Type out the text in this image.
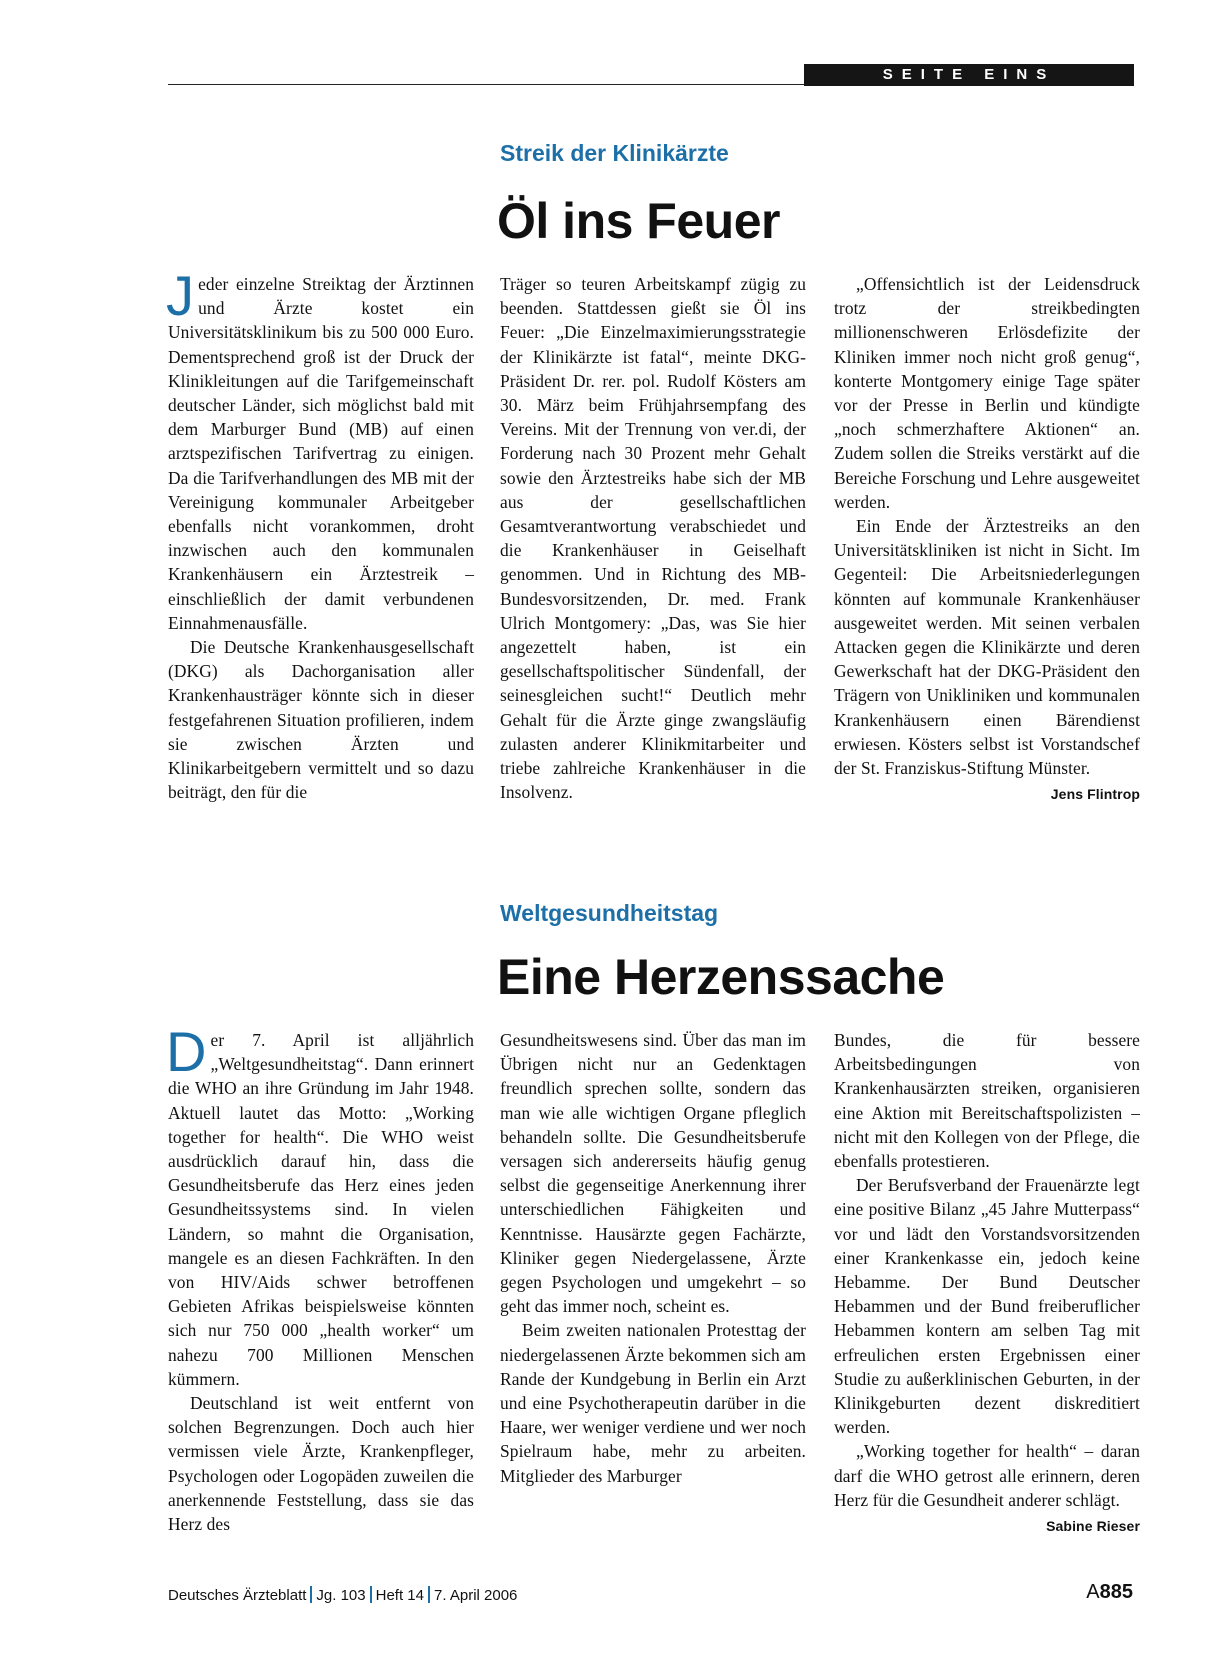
SEITE EINS
Streik der Klinikärzte
Öl ins Feuer

Jeder einzelne Streiktag der Ärztinnen und Ärzte kostet ein Universitätsklinikum bis zu 500 000 Euro. Dementsprechend groß ist der Druck der Klinikleitungen auf die Tarifgemeinschaft deutscher Länder, sich möglichst bald mit dem Marburger Bund (MB) auf einen arztspezifischen Tarifvertrag zu einigen. Da die Tarifverhandlungen des MB mit der Vereinigung kommunaler Arbeitgeber ebenfalls nicht vorankommen, droht inzwischen auch den kommunalen Krankenhäusern ein Ärztestreik – einschließlich der damit verbundenen Einnahmenausfälle.

Die Deutsche Krankenhausgesellschaft (DKG) als Dachorganisation aller Krankenhausträger könnte sich in dieser festgefahrenen Situation profilieren, indem sie zwischen Ärzten und Klinikarbeitgebern vermittelt und so dazu beiträgt, den für die

Träger so teuren Arbeitskampf zügig zu beenden. Stattdessen gießt sie Öl ins Feuer: „Die Einzelmaximierungsstrategie der Klinikärzte ist fatal“, meinte DKG-Präsident Dr. rer. pol. Rudolf Kösters am 30. März beim Frühjahrsempfang des Vereins. Mit der Trennung von ver.di, der Forderung nach 30 Prozent mehr Gehalt sowie den Ärztestreiks habe sich der MB aus der gesellschaftlichen Gesamtverantwortung verabschiedet und die Krankenhäuser in Geiselhaft genommen. Und in Richtung des MB-Bundesvorsitzenden, Dr. med. Frank Ulrich Montgomery: „Das, was Sie hier angezettelt haben, ist ein gesellschaftspolitischer Sündenfall, der seinesgleichen sucht!“ Deutlich mehr Gehalt für die Ärzte ginge zwangsläufig zulasten anderer Klinikmitarbeiter und triebe zahlreiche Krankenhäuser in die Insolvenz.

„Offensichtlich ist der Leidensdruck trotz der streikbedingten millionenschweren Erlösdefizite der Kliniken immer noch nicht groß genug“, konterte Montgomery einige Tage später vor der Presse in Berlin und kündigte „noch schmerzhaftere Aktionen“ an. Zudem sollen die Streiks verstärkt auf die Bereiche Forschung und Lehre ausgeweitet werden.

Ein Ende der Ärztestreiks an den Universitätskliniken ist nicht in Sicht. Im Gegenteil: Die Arbeitsniederlegungen könnten auf kommunale Krankenhäuser ausgeweitet werden. Mit seinen verbalen Attacken gegen die Klinikärzte und deren Gewerkschaft hat der DKG-Präsident den Trägern von Unikliniken und kommunalen Krankenhäusern einen Bärendienst erwiesen. Kösters selbst ist Vorstandschef der St. Franziskus-Stiftung Münster.
Jens Flintrop

Weltgesundheitstag
Eine Herzenssache

Der 7. April ist alljährlich „Weltgesundheitstag“. Dann erinnert die WHO an ihre Gründung im Jahr 1948. Aktuell lautet das Motto: „Working together for health“. Die WHO weist ausdrücklich darauf hin, dass die Gesundheitsberufe das Herz eines jeden Gesundheitssystems sind. In vielen Ländern, so mahnt die Organisation, mangele es an diesen Fachkräften. In den von HIV/Aids schwer betroffenen Gebieten Afrikas beispielsweise könnten sich nur 750 000 „health worker“ um nahezu 700 Millionen Menschen kümmern.

Deutschland ist weit entfernt von solchen Begrenzungen. Doch auch hier vermissen viele Ärzte, Krankenpfleger, Psychologen oder Logopäden zuweilen die anerkennende Feststellung, dass sie das Herz des

Gesundheitswesens sind. Über das man im Übrigen nicht nur an Gedenktagen freundlich sprechen sollte, sondern das man wie alle wichtigen Organe pfleglich behandeln sollte. Die Gesundheitsberufe versagen sich andererseits häufig genug selbst die gegenseitige Anerkennung ihrer unterschiedlichen Fähigkeiten und Kenntnisse. Hausärzte gegen Fachärzte, Kliniker gegen Niedergelassene, Ärzte gegen Psychologen und umgekehrt – so geht das immer noch, scheint es.

Beim zweiten nationalen Protesttag der niedergelassenen Ärzte bekommen sich am Rande der Kundgebung in Berlin ein Arzt und eine Psychotherapeutin darüber in die Haare, wer weniger verdiene und wer noch Spielraum habe, mehr zu arbeiten. Mitglieder des Marburger

Bundes, die für bessere Arbeitsbedingungen von Krankenhausärzten streiken, organisieren eine Aktion mit Bereitschaftspolizisten – nicht mit den Kollegen von der Pflege, die ebenfalls protestieren.

Der Berufsverband der Frauenärzte legt eine positive Bilanz „45 Jahre Mutterpass“ vor und lädt den Vorstandsvorsitzenden einer Krankenkasse ein, jedoch keine Hebamme. Der Bund Deutscher Hebammen und der Bund freiberuflicher Hebammen kontern am selben Tag mit erfreulichen ersten Ergebnissen einer Studie zu außerklinischen Geburten, in der Klinikgeburten dezent diskreditiert werden.

„Working together for health“ – daran darf die WHO getrost alle erinnern, deren Herz für die Gesundheit anderer schlägt.
Sabine Rieser

Deutsches Ärzteblatt Jg. 103 Heft 14 7. April 2006	A885
